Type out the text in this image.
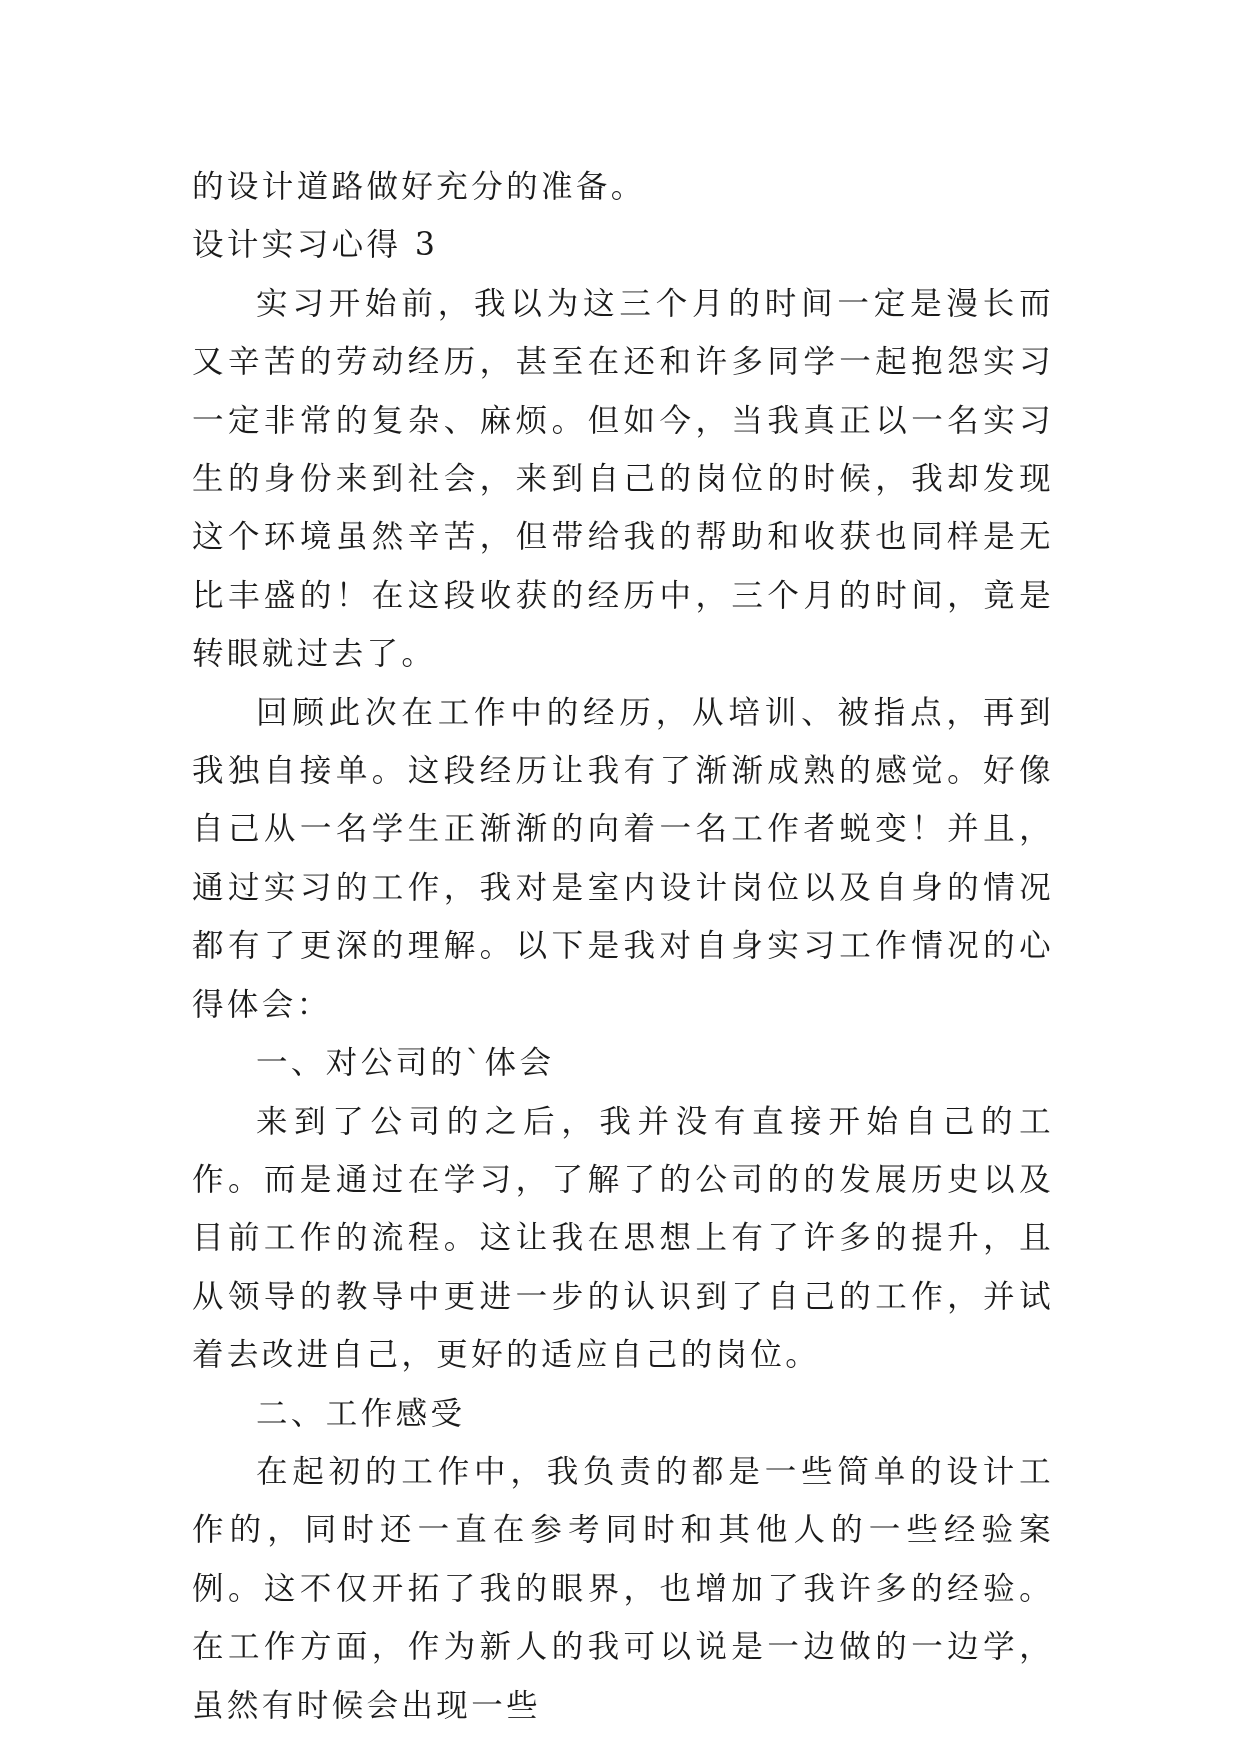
的设计道路做好充分的准备。

设计实习心得 3

实习开始前，我以为这三个月的时间一定是漫长而又辛苦的劳动经历，甚至在还和许多同学一起抱怨实习一定非常的复杂、麻烦。但如今，当我真正以一名实习生的身份来到社会，来到自己的岗位的时候，我却发现这个环境虽然辛苦，但带给我的帮助和收获也同样是无比丰盛的！在这段收获的经历中，三个月的时间，竟是转眼就过去了。

回顾此次在工作中的经历，从培训、被指点，再到我独自接单。这段经历让我有了渐渐成熟的感觉。好像自己从一名学生正渐渐的向着一名工作者蜕变！并且，通过实习的工作，我对是室内设计岗位以及自身的情况都有了更深的理解。以下是我对自身实习工作情况的心得体会：

一、对公司的`体会

来到了公司的之后，我并没有直接开始自己的工作。而是通过在学习，了解了的公司的的发展历史以及目前工作的流程。这让我在思想上有了许多的提升，且从领导的教导中更进一步的认识到了自己的工作，并试着去改进自己，更好的适应自己的岗位。

二、工作感受

在起初的工作中，我负责的都是一些简单的设计工作的，同时还一直在参考同时和其他人的一些经验案例。这不仅开拓了我的眼界，也增加了我许多的经验。在工作方面，作为新人的我可以说是一边做的一边学，虽然有时候会出现一些
